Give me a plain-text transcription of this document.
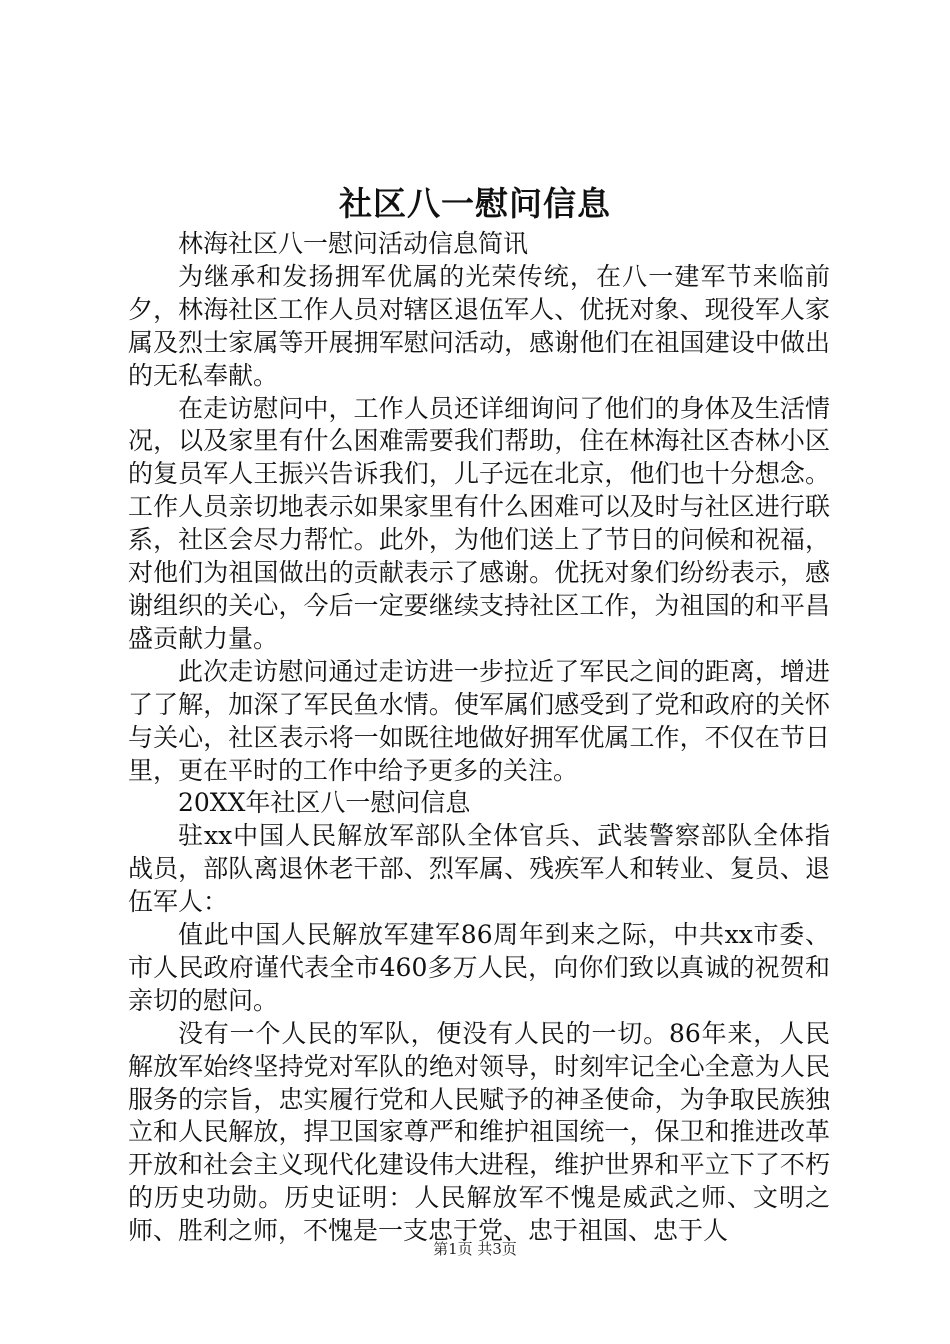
社区八一慰问信息

林海社区八一慰问活动信息简讯

为继承和发扬拥军优属的光荣传统，在八一建军节来临前夕，林海社区工作人员对辖区退伍军人、优抚对象、现役军人家属及烈士家属等开展拥军慰问活动，感谢他们在祖国建设中做出的无私奉献。

在走访慰问中，工作人员还详细询问了他们的身体及生活情况，以及家里有什么困难需要我们帮助，住在林海社区杏林小区的复员军人王振兴告诉我们，儿子远在北京，他们也十分想念。工作人员亲切地表示如果家里有什么困难可以及时与社区进行联系，社区会尽力帮忙。此外，为他们送上了节日的问候和祝福，对他们为祖国做出的贡献表示了感谢。优抚对象们纷纷表示，感谢组织的关心，今后一定要继续支持社区工作，为祖国的和平昌盛贡献力量。

此次走访慰问通过走访进一步拉近了军民之间的距离，增进了了解，加深了军民鱼水情。使军属们感受到了党和政府的关怀与关心，社区表示将一如既往地做好拥军优属工作，不仅在节日里，更在平时的工作中给予更多的关注。

20XX年社区八一慰问信息

驻xx中国人民解放军部队全体官兵、武装警察部队全体指战员，部队离退休老干部、烈军属、残疾军人和转业、复员、退伍军人：

值此中国人民解放军建军86周年到来之际，中共xx市委、市人民政府谨代表全市460多万人民，向你们致以真诚的祝贺和亲切的慰问。

没有一个人民的军队，便没有人民的一切。86年来，人民解放军始终坚持党对军队的绝对领导，时刻牢记全心全意为人民服务的宗旨，忠实履行党和人民赋予的神圣使命，为争取民族独立和人民解放，捍卫国家尊严和维护祖国统一，保卫和推进改革开放和社会主义现代化建设伟大进程，维护世界和平立下了不朽的历史功勋。历史证明：人民解放军不愧是威武之师、文明之师、胜利之师，不愧是一支忠于党、忠于祖国、忠于人

第1页 共3页
